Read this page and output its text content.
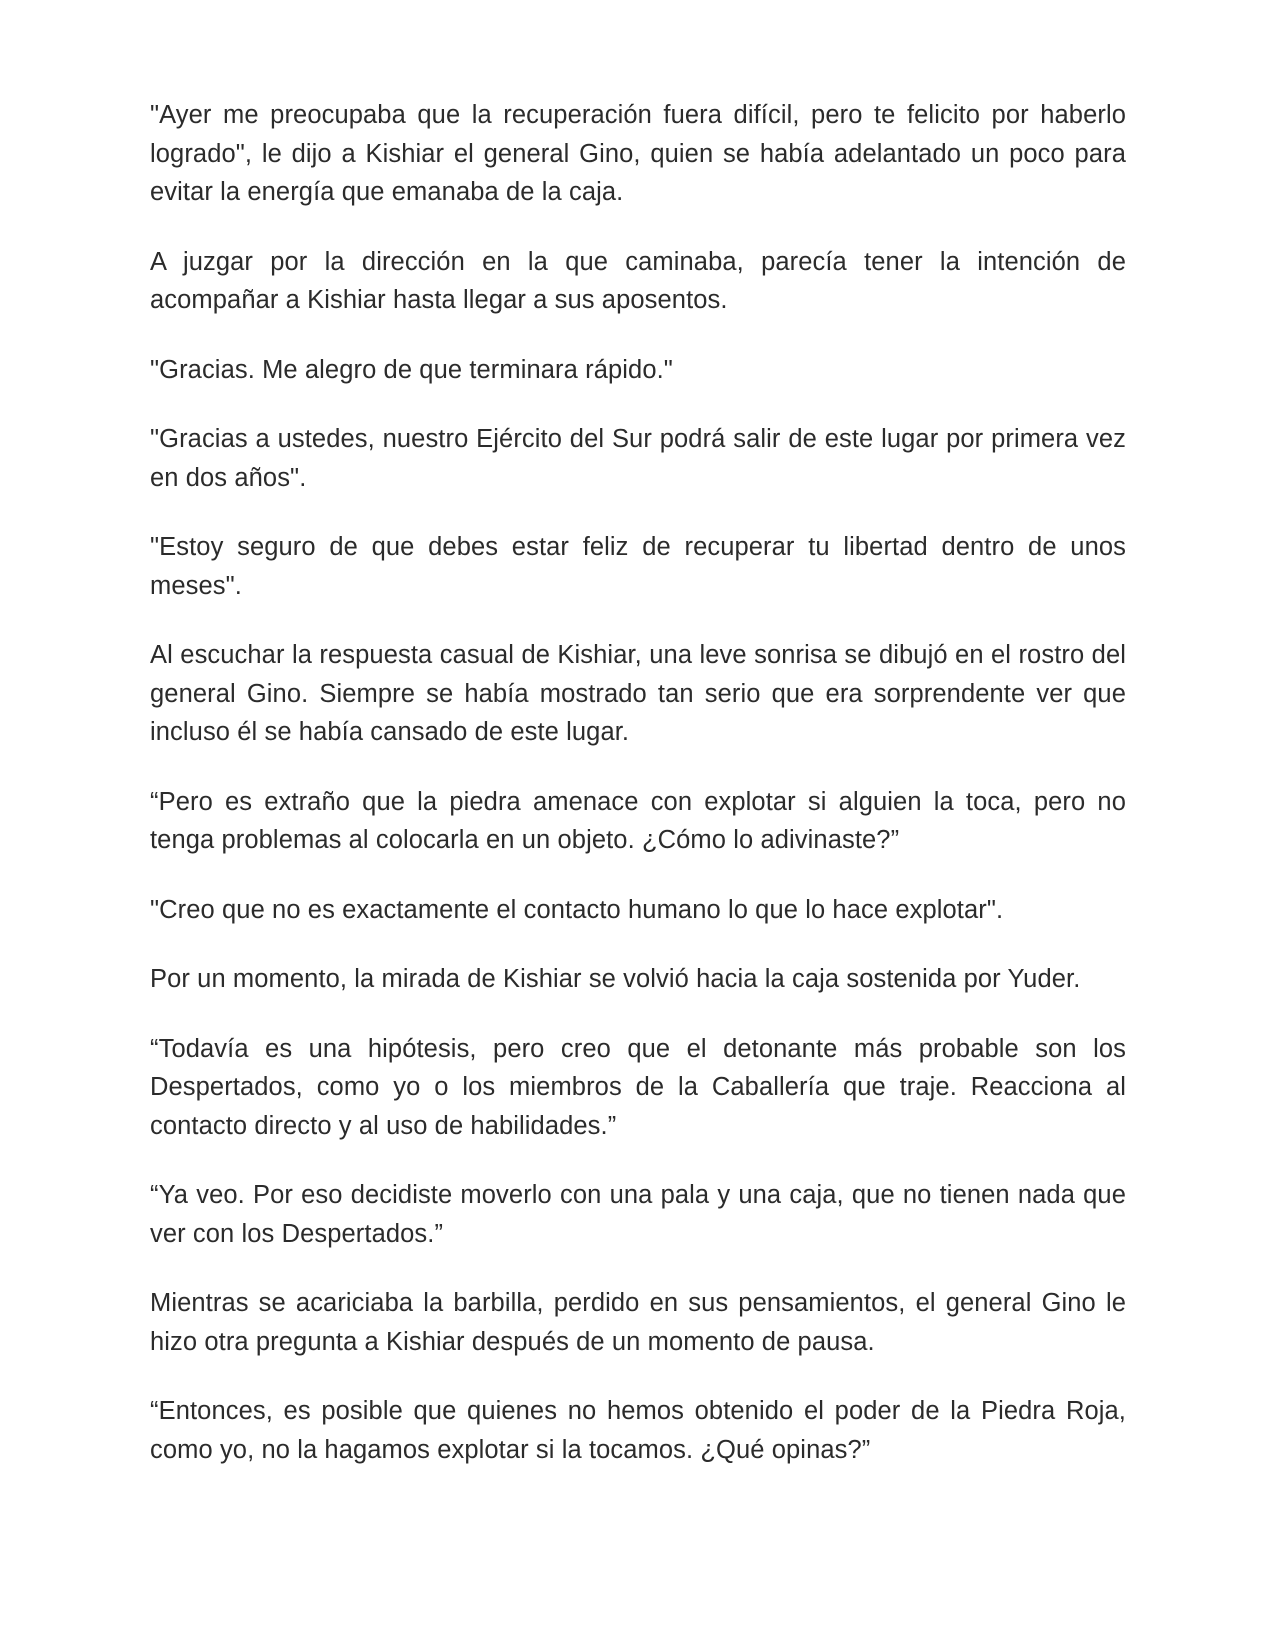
"Ayer me preocupaba que la recuperación fuera difícil, pero te felicito por haberlo logrado", le dijo a Kishiar el general Gino, quien se había adelantado un poco para evitar la energía que emanaba de la caja.

A juzgar por la dirección en la que caminaba, parecía tener la intención de acompañar a Kishiar hasta llegar a sus aposentos.

"Gracias. Me alegro de que terminara rápido."

"Gracias a ustedes, nuestro Ejército del Sur podrá salir de este lugar por primera vez en dos años".

"Estoy seguro de que debes estar feliz de recuperar tu libertad dentro de unos meses".

Al escuchar la respuesta casual de Kishiar, una leve sonrisa se dibujó en el rostro del general Gino. Siempre se había mostrado tan serio que era sorprendente ver que incluso él se había cansado de este lugar.

“Pero es extraño que la piedra amenace con explotar si alguien la toca, pero no tenga problemas al colocarla en un objeto. ¿Cómo lo adivinaste?”

"Creo que no es exactamente el contacto humano lo que lo hace explotar".

Por un momento, la mirada de Kishiar se volvió hacia la caja sostenida por Yuder.

“Todavía es una hipótesis, pero creo que el detonante más probable son los Despertados, como yo o los miembros de la Caballería que traje. Reacciona al contacto directo y al uso de habilidades.”

“Ya veo. Por eso decidiste moverlo con una pala y una caja, que no tienen nada que ver con los Despertados.”

Mientras se acariciaba la barbilla, perdido en sus pensamientos, el general Gino le hizo otra pregunta a Kishiar después de un momento de pausa.

“Entonces, es posible que quienes no hemos obtenido el poder de la Piedra Roja, como yo, no la hagamos explotar si la tocamos. ¿Qué opinas?”
